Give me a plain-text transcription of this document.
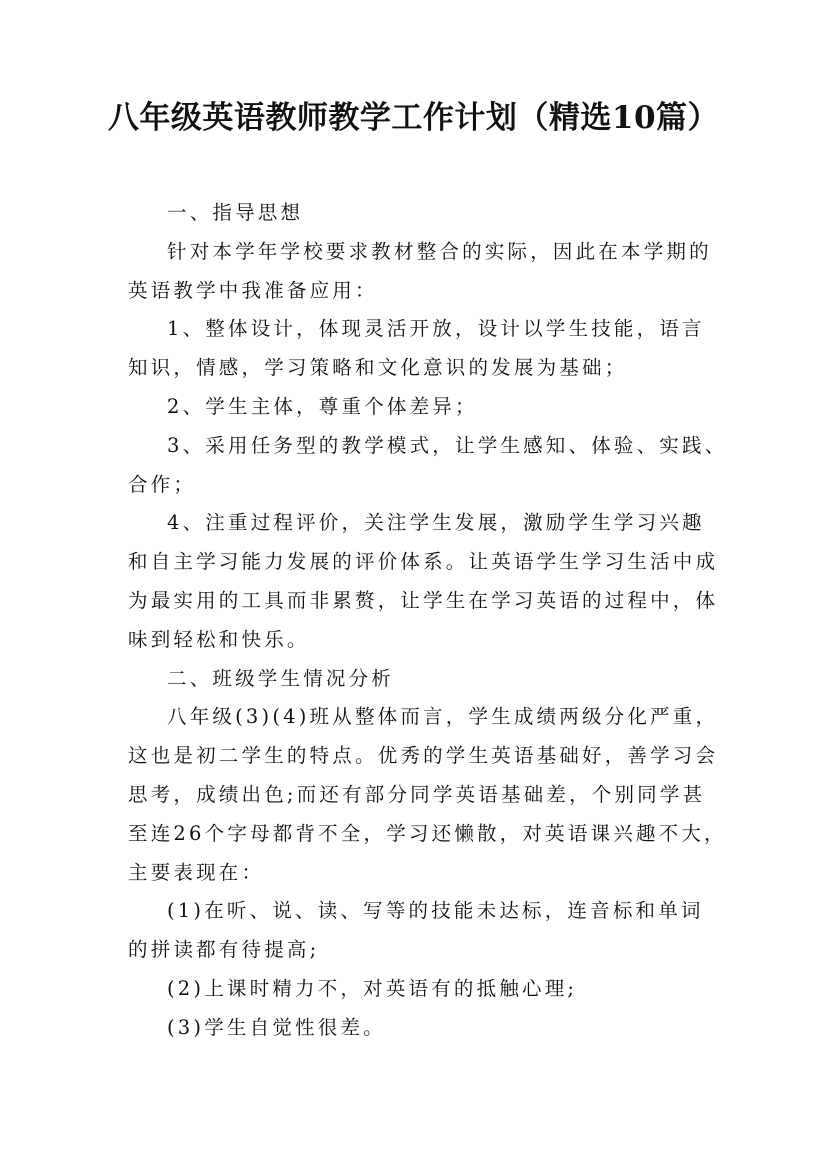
八年级英语教师教学工作计划（精选10篇）

一、指导思想

针对本学年学校要求教材整合的实际，因此在本学期的
英语教学中我准备应用：

1、整体设计，体现灵活开放，设计以学生技能，语言
知识，情感，学习策略和文化意识的发展为基础；

2、学生主体，尊重个体差异；

3、采用任务型的教学模式，让学生感知、体验、实践、
合作；

4、注重过程评价，关注学生发展，激励学生学习兴趣
和自主学习能力发展的评价体系。让英语学生学习生活中成
为最实用的工具而非累赘，让学生在学习英语的过程中，体
味到轻松和快乐。

二、班级学生情况分析

八年级(3)(4)班从整体而言，学生成绩两级分化严重，
这也是初二学生的特点。优秀的学生英语基础好，善学习会
思考，成绩出色;而还有部分同学英语基础差，个别同学甚
至连26个字母都背不全，学习还懒散，对英语课兴趣不大，
主要表现在：

(1)在听、说、读、写等的技能未达标，连音标和单词
的拼读都有待提高;

(2)上课时精力不，对英语有的抵触心理;

(3)学生自觉性很差。
